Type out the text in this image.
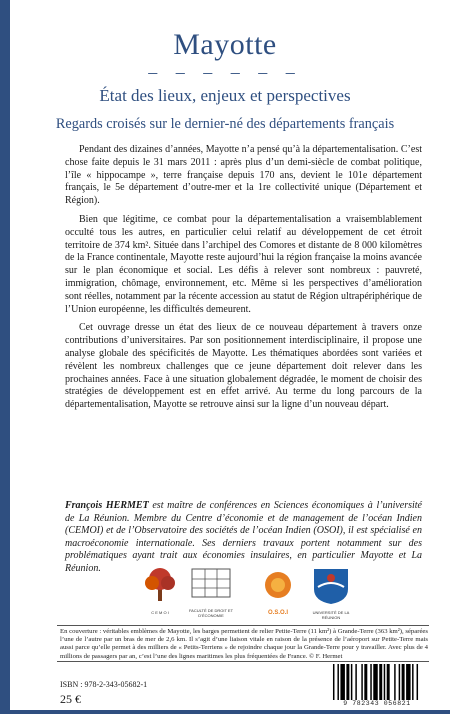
Mayotte
– – – – – –
État des lieux, enjeux et perspectives
Regards croisés sur le dernier-né des départements français

Pendant des dizaines d’années, Mayotte n’a pensé qu’à la départementalisation. C’est chose faite depuis le 31 mars 2011 : après plus d’un demi-siècle de combat politique, l’île « hippocampe », terre française depuis 170 ans, devient le 101e département français, le 5e département d’outre-mer et la 1re collectivité unique (Département et Région).

Bien que légitime, ce combat pour la départementalisation a vraisemblablement occulté tous les autres, en particulier celui relatif au développement de cet étroit territoire de 374 km². Située dans l’archipel des Comores et distante de 8 000 kilomètres de la France continentale, Mayotte reste aujourd’hui la région française la moins avancée sur le plan économique et social. Les défis à relever sont nombreux : pauvreté, immigration, chômage, environnement, etc. Même si les perspectives d’amélioration sont réelles, notamment par la récente accession au statut de Région ultrapériphérique de l’Union européenne, les difficultés demeurent.

Cet ouvrage dresse un état des lieux de ce nouveau département à travers onze contributions d’universitaires. Par son positionnement interdisciplinaire, il propose une analyse globale des spécificités de Mayotte. Les thématiques abordées sont variées et révèlent les nombreux challenges que ce jeune département doit relever dans les prochaines années. Face à une situation globalement dégradée, le moment de choisir des stratégies de développement est en effet arrivé. Au terme du long parcours de la départementalisation, Mayotte se retrouve ainsi sur la ligne d’un nouveau départ.

François HERMET est maître de conférences en Sciences économiques à l’université de La Réunion. Membre du Centre d’économie et de management de l’océan Indien (CEMOI) et de l’Observatoire des sociétés de l’océan Indien (OSOI), il est spécialisé en macroéconomie internationale. Ses derniers travaux portent notamment sur des problématiques ayant trait aux économies insulaires, en particulier Mayotte et La Réunion.
C E M O I	FACULTÉ DE DROIT ET D’ÉCONOMIE	O.S.O.I	UNIVERSITÉ DE LA RÉUNION
En couverture : véritables emblèmes de Mayotte, les barges permettent de relier Petite-Terre (11 km²) à Grande-Terre (363 km²), séparées l’une de l’autre par un bras de mer de 2,6 km. Il s’agit d’une liaison vitale en raison de la présence de l’aéroport sur Petite-Terre mais aussi parce qu’elle permet à des milliers de « Petits-Terriens » de rejoindre chaque jour la Grande-Terre pour y travailler. Avec plus de 4 millions de passagers par an, c’est l’une des lignes maritimes les plus fréquentées de France. © F. Hermet
ISBN : 978-2-343-05682-1
25 €	9 782343 056821
